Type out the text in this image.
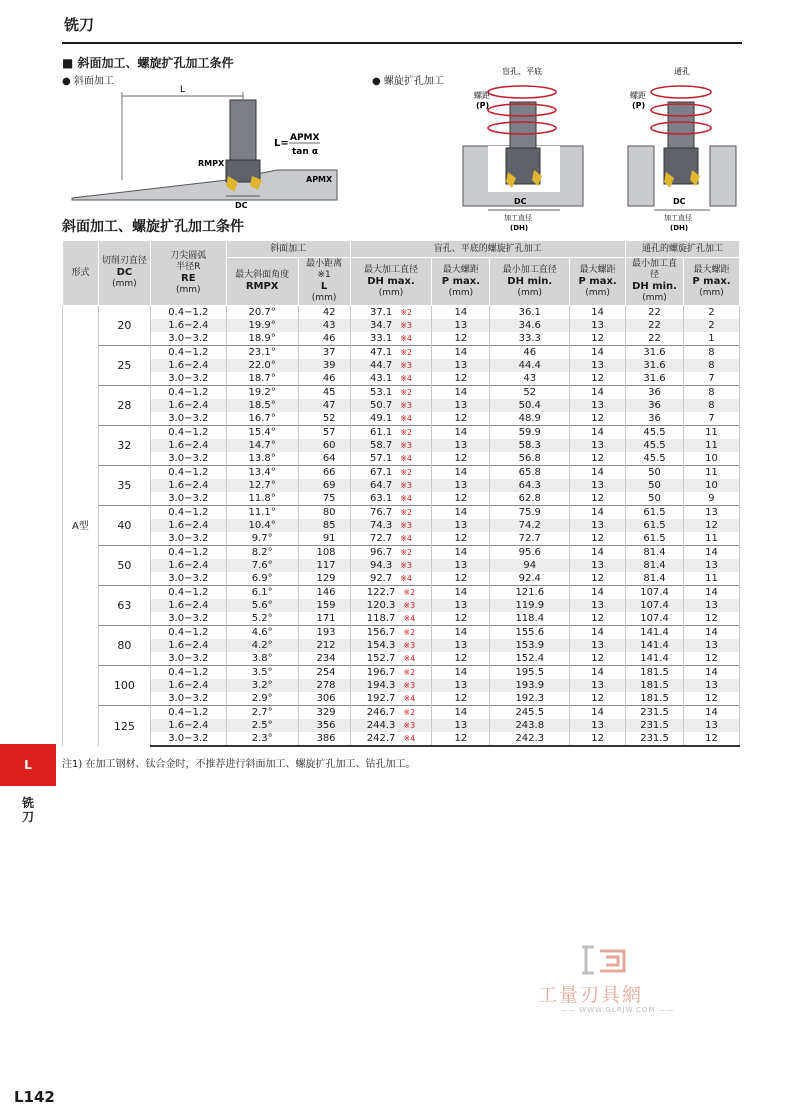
铣刀
■ 斜面加工、螺旋扩孔加工条件
● 斜面加工	● 螺旋扩孔加工
L
L= APMX
tan α
RMPX
APMX
DC
盲孔、平底
螺距
(P)
DC
加工直径
(DH)
通孔
螺距
(P)
DC
加工直径
(DH)
斜面加工、螺旋扩孔加工条件
形式	切削刃直径
DC
(mm)	刀尖圆弧
半径R
RE
(mm)	斜面加工		盲孔、平底的螺旋扩孔加工				通孔的螺旋扩孔加工	
			最大斜面角度
RMPX	最小距离※1
L
(mm)	最大加工直径
DH max.
(mm)	最大螺距
P max.
(mm)	最小加工直径
DH min.
(mm)	最大螺距
P max.
(mm)	最小加工直径
DH min.
(mm)	最大螺距
P max.
(mm)
A型	20	0.4−1.2	20.7°	42	37.1 ※2	14	36.1	14	22	2
		1.6−2.4	19.9°	43	34.7 ※3	13	34.6	13	22	2
		3.0−3.2	18.9°	46	33.1 ※4	12	33.3	12	22	1
	25	0.4−1.2	23.1°	37	47.1 ※2	14	46	14	31.6	8
		1.6−2.4	22.0°	39	44.7 ※3	13	44.4	13	31.6	8
		3.0−3.2	18.7°	46	43.1 ※4	12	43	12	31.6	7
	28	0.4−1.2	19.2°	45	53.1 ※2	14	52	14	36	8
		1.6−2.4	18.5°	47	50.7 ※3	13	50.4	13	36	8
		3.0−3.2	16.7°	52	49.1 ※4	12	48.9	12	36	7
	32	0.4−1.2	15.4°	57	61.1 ※2	14	59.9	14	45.5	11
		1.6−2.4	14.7°	60	58.7 ※3	13	58.3	13	45.5	11
		3.0−3.2	13.8°	64	57.1 ※4	12	56.8	12	45.5	10
	35	0.4−1.2	13.4°	66	67.1 ※2	14	65.8	14	50	11
		1.6−2.4	12.7°	69	64.7 ※3	13	64.3	13	50	10
		3.0−3.2	11.8°	75	63.1 ※4	12	62.8	12	50	9
	40	0.4−1.2	11.1°	80	76.7 ※2	14	75.9	14	61.5	13
		1.6−2.4	10.4°	85	74.3 ※3	13	74.2	13	61.5	12
		3.0−3.2	9.7°	91	72.7 ※4	12	72.7	12	61.5	11
	50	0.4−1.2	8.2°	108	96.7 ※2	14	95.6	14	81.4	14
		1.6−2.4	7.6°	117	94.3 ※3	13	94	13	81.4	13
		3.0−3.2	6.9°	129	92.7 ※4	12	92.4	12	81.4	11
	63	0.4−1.2	6.1°	146	122.7 ※2	14	121.6	14	107.4	14
		1.6−2.4	5.6°	159	120.3 ※3	13	119.9	13	107.4	13
		3.0−3.2	5.2°	171	118.7 ※4	12	118.4	12	107.4	12
	80	0.4−1.2	4.6°	193	156.7 ※2	14	155.6	14	141.4	14
		1.6−2.4	4.2°	212	154.3 ※3	13	153.9	13	141.4	13
		3.0−3.2	3.8°	234	152.7 ※4	12	152.4	12	141.4	12
	100	0.4−1.2	3.5°	254	196.7 ※2	14	195.5	14	181.5	14
		1.6−2.4	3.2°	278	194.3 ※3	13	193.9	13	181.5	13
		3.0−3.2	2.9°	306	192.7 ※4	12	192.3	12	181.5	12
	125	0.4−1.2	2.7°	329	246.7 ※2	14	245.5	14	231.5	14
		1.6−2.4	2.5°	356	244.3 ※3	13	243.8	13	231.5	13
		3.0−3.2	2.3°	386	242.7 ※4	12	242.3	12	231.5	12
注1) 在加工钢材、钛合金时，不推荐进行斜面加工、螺旋扩孔加工、钻孔加工。
L
铣刀
L142
工量刃具網
—— WWW.GLRJW.COM ——
